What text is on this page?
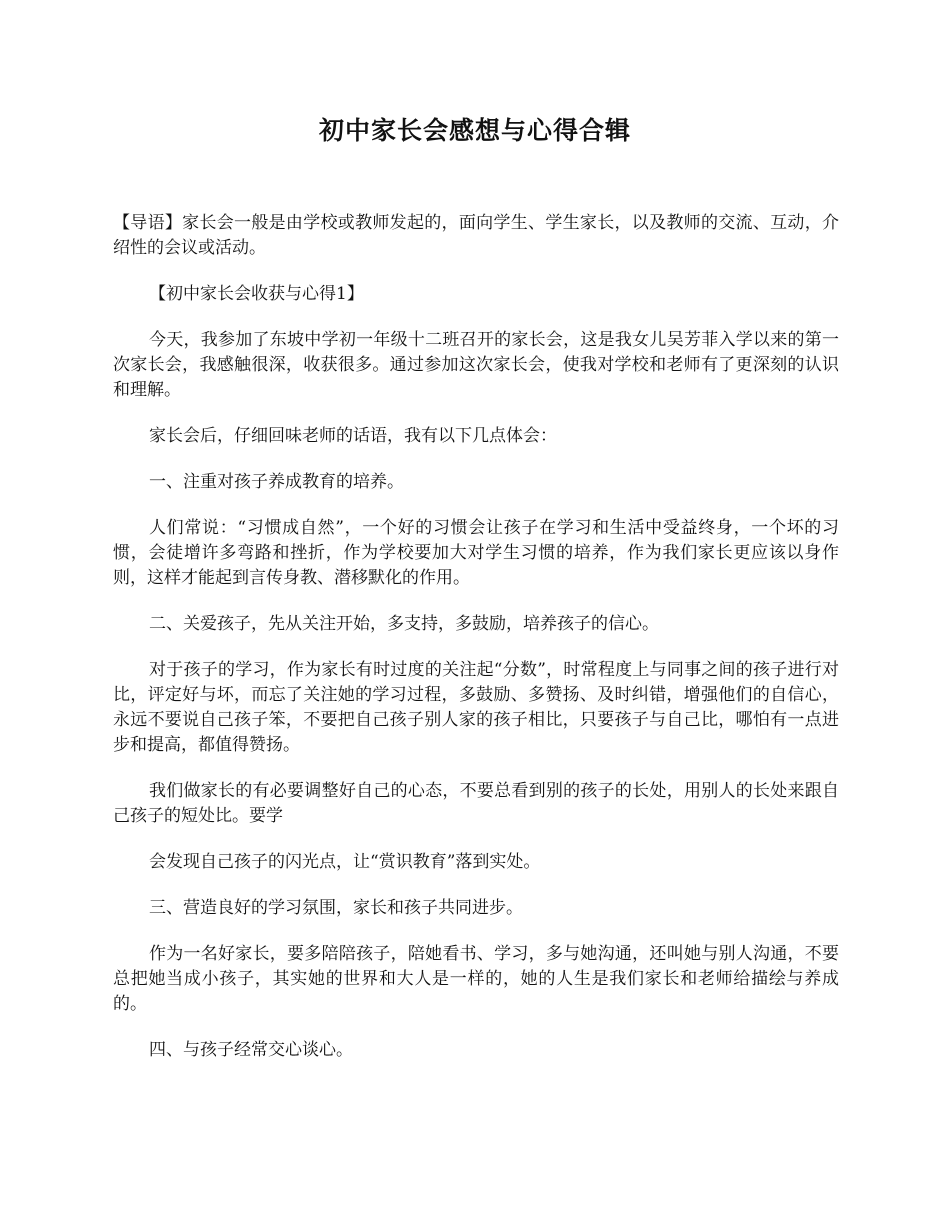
初中家长会感想与心得合辑

【导语】家长会一般是由学校或教师发起的，面向学生、学生家长，以及教师的交流、互动，介绍性的会议或活动。

【初中家长会收获与心得1】

今天，我参加了东坡中学初一年级十二班召开的家长会，这是我女儿吴芳菲入学以来的第一次家长会，我感触很深，收获很多。通过参加这次家长会，使我对学校和老师有了更深刻的认识和理解。

家长会后，仔细回味老师的话语，我有以下几点体会：

一、注重对孩子养成教育的培养。

人们常说：“习惯成自然”，一个好的习惯会让孩子在学习和生活中受益终身，一个坏的习惯，会徒增许多弯路和挫折，作为学校要加大对学生习惯的培养，作为我们家长更应该以身作则，这样才能起到言传身教、潜移默化的作用。

二、关爱孩子，先从关注开始，多支持，多鼓励，培养孩子的信心。

对于孩子的学习，作为家长有时过度的关注起“分数”，时常程度上与同事之间的孩子进行对比，评定好与坏，而忘了关注她的学习过程，多鼓励、多赞扬、及时纠错，增强他们的自信心，永远不要说自己孩子笨，不要把自己孩子别人家的孩子相比，只要孩子与自己比，哪怕有一点进步和提高，都值得赞扬。

我们做家长的有必要调整好自己的心态，不要总看到别的孩子的长处，用别人的长处来跟自己孩子的短处比。要学

会发现自己孩子的闪光点，让“赏识教育”落到实处。

三、营造良好的学习氛围，家长和孩子共同进步。

作为一名好家长，要多陪陪孩子，陪她看书、学习，多与她沟通，还叫她与别人沟通，不要总把她当成小孩子，其实她的世界和大人是一样的，她的人生是我们家长和老师给描绘与养成的。

四、与孩子经常交心谈心。
